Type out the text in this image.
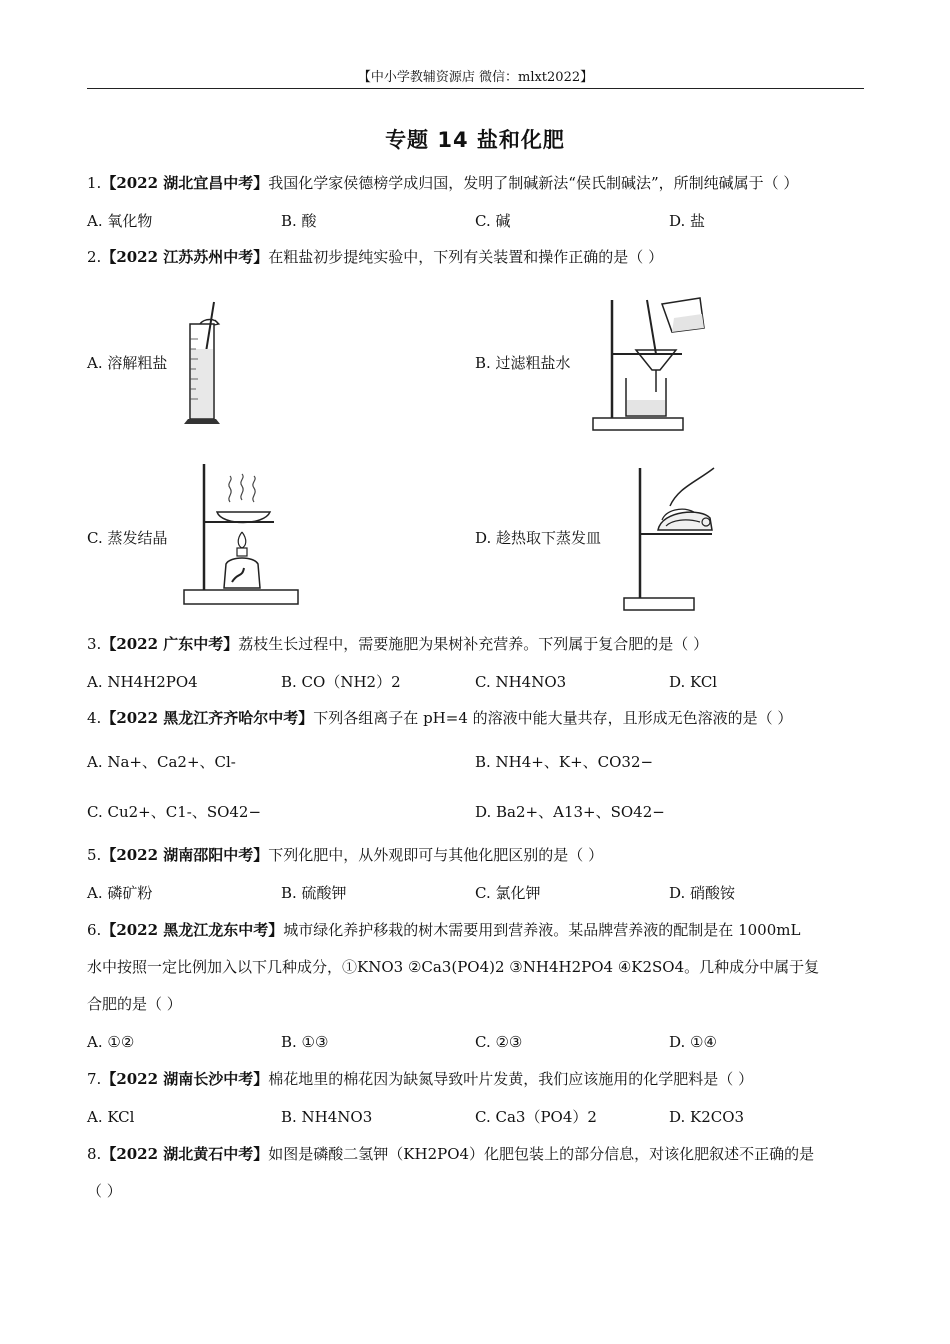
【中小学教辅资源店 微信：mlxt2022】
专题 14 盐和化肥
1.【2022 湖北宜昌中考】我国化学家侯德榜学成归国，发明了制碱新法“侯氏制碱法”，所制纯碱属于（ ）
A. 氧化物	B. 酸	C. 碱	D. 盐
2.【2022 江苏苏州中考】在粗盐初步提纯实验中，下列有关装置和操作正确的是（ ）
A. 溶解粗盐	B. 过滤粗盐水
C. 蒸发结晶	D. 趁热取下蒸发皿
3.【2022 广东中考】荔枝生长过程中，需要施肥为果树补充营养。下列属于复合肥的是（ ）
A. NH4H2PO4	B. CO（NH2）2	C. NH4NO3	D. KCl
4.【2022 黑龙江齐齐哈尔中考】下列各组离子在 pH=4 的溶液中能大量共存，且形成无色溶液的是（ ）
A. Na+、Ca2+、Cl-	B. NH4+、K+、CO32−
C. Cu2+、C1-、SO42−	D. Ba2+、A13+、SO42−
5.【2022 湖南邵阳中考】下列化肥中，从外观即可与其他化肥区别的是（ ）
A. 磷矿粉	B. 硫酸钾	C. 氯化钾	D. 硝酸铵
6.【2022 黑龙江龙东中考】城市绿化养护移栽的树木需要用到营养液。某品牌营养液的配制是在 1000mL
水中按照一定比例加入以下几种成分，①KNO3 ②Ca3(PO4)2 ③NH4H2PO4 ④K2SO4。几种成分中属于复
合肥的是（ ）
A. ①②	B. ①③	C. ②③	D. ①④
7.【2022 湖南长沙中考】棉花地里的棉花因为缺氮导致叶片发黄，我们应该施用的化学肥料是（ ）
A. KCl	B. NH4NO3	C. Ca3（PO4）2	D. K2CO3
8.【2022 湖北黄石中考】如图是磷酸二氢钾（KH2PO4）化肥包装上的部分信息，对该化肥叙述不正确的是
（ ）
